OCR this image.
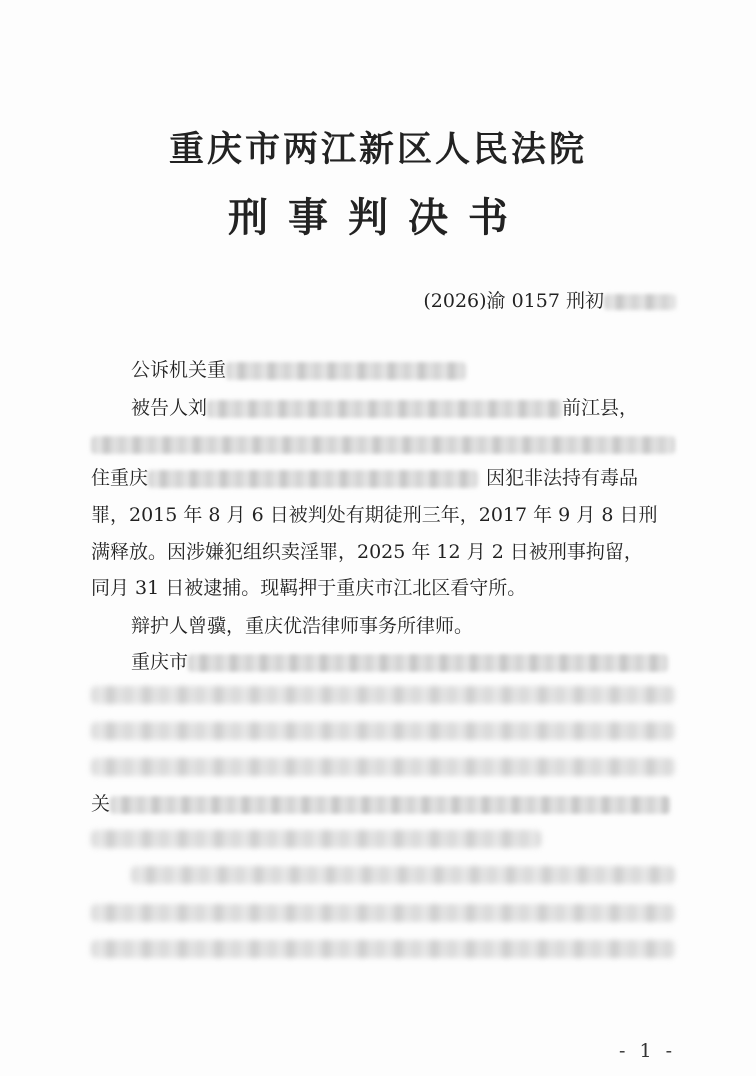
重庆市两江新区人民法院
刑事判决书
(2026)渝 0157 刑初
公诉机关重
被告人刘	前江县，
住重庆	因犯非法持有毒品
罪，2015 年 8 月 6 日被判处有期徒刑三年，2017 年 9 月 8 日刑
满释放。因涉嫌犯组织卖淫罪，2025 年 12 月 2 日被刑事拘留，
同月 31 日被逮捕。现羁押于重庆市江北区看守所。
辩护人曾骥，重庆优浩律师事务所律师。
重庆市
关
- 1 -
